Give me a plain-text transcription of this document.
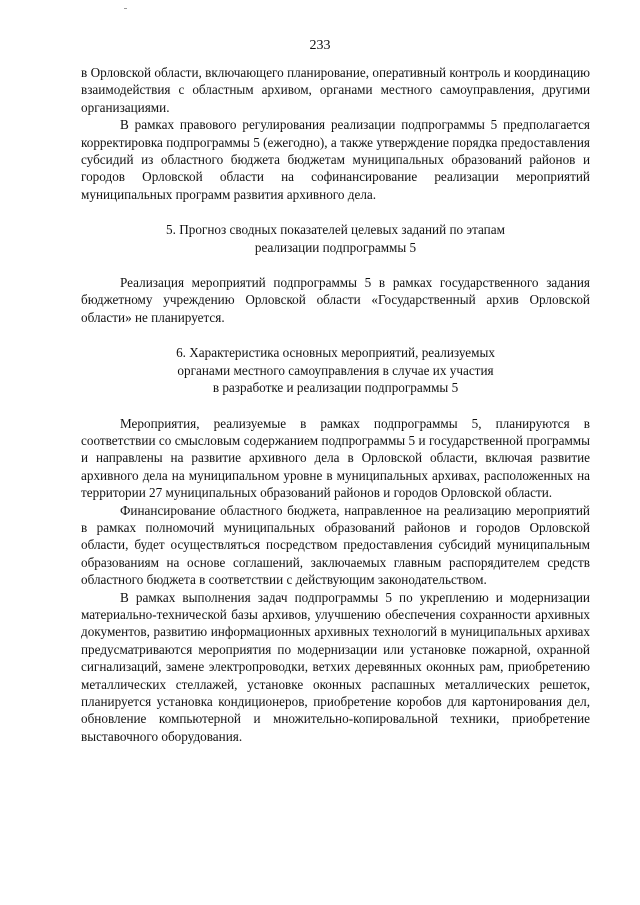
233

в Орловской области, включающего планирование, оперативный контроль и координацию взаимодействия с областным архивом, органами местного самоуправления, другими организациями.

В рамках правового регулирования реализации подпрограммы 5 предполагается корректировка подпрограммы 5 (ежегодно), а также утверждение порядка предоставления субсидий из областного бюджета бюджетам муниципальных образований районов и городов Орловской области на софинансирование реализации мероприятий муниципальных программ развития архивного дела.

5. Прогноз сводных показателей целевых заданий по этапам
реализации подпрограммы 5

Реализация мероприятий подпрограммы 5 в рамках государственного задания бюджетному учреждению Орловской области «Государственный архив Орловской области» не планируется.

6. Характеристика основных мероприятий, реализуемых
органами местного самоуправления в случае их участия
в разработке и реализации подпрограммы 5

Мероприятия, реализуемые в рамках подпрограммы 5, планируются в соответствии со смысловым содержанием подпрограммы 5 и государственной программы и направлены на развитие архивного дела в Орловской области, включая развитие архивного дела на муниципальном уровне в муниципальных архивах, расположенных на территории 27 муниципальных образований районов и городов Орловской области.

Финансирование областного бюджета, направленное на реализацию мероприятий в рамках полномочий муниципальных образований районов и городов Орловской области, будет осуществляться посредством предоставления субсидий муниципальным образованиям на основе соглашений, заключаемых главным распорядителем средств областного бюджета в соответствии с действующим законодательством.

В рамках выполнения задач подпрограммы 5 по укреплению и модернизации материально-технической базы архивов, улучшению обеспечения сохранности архивных документов, развитию информационных архивных технологий в муниципальных архивах предусматриваются мероприятия по модернизации или установке пожарной, охранной сигнализаций, замене электропроводки, ветхих деревянных оконных рам, приобретению металлических стеллажей, установке оконных распашных металлических решеток, планируется установка кондиционеров, приобретение коробов для картонирования дел, обновление компьютерной и множительно-копировальной техники, приобретение выставочного оборудования.
